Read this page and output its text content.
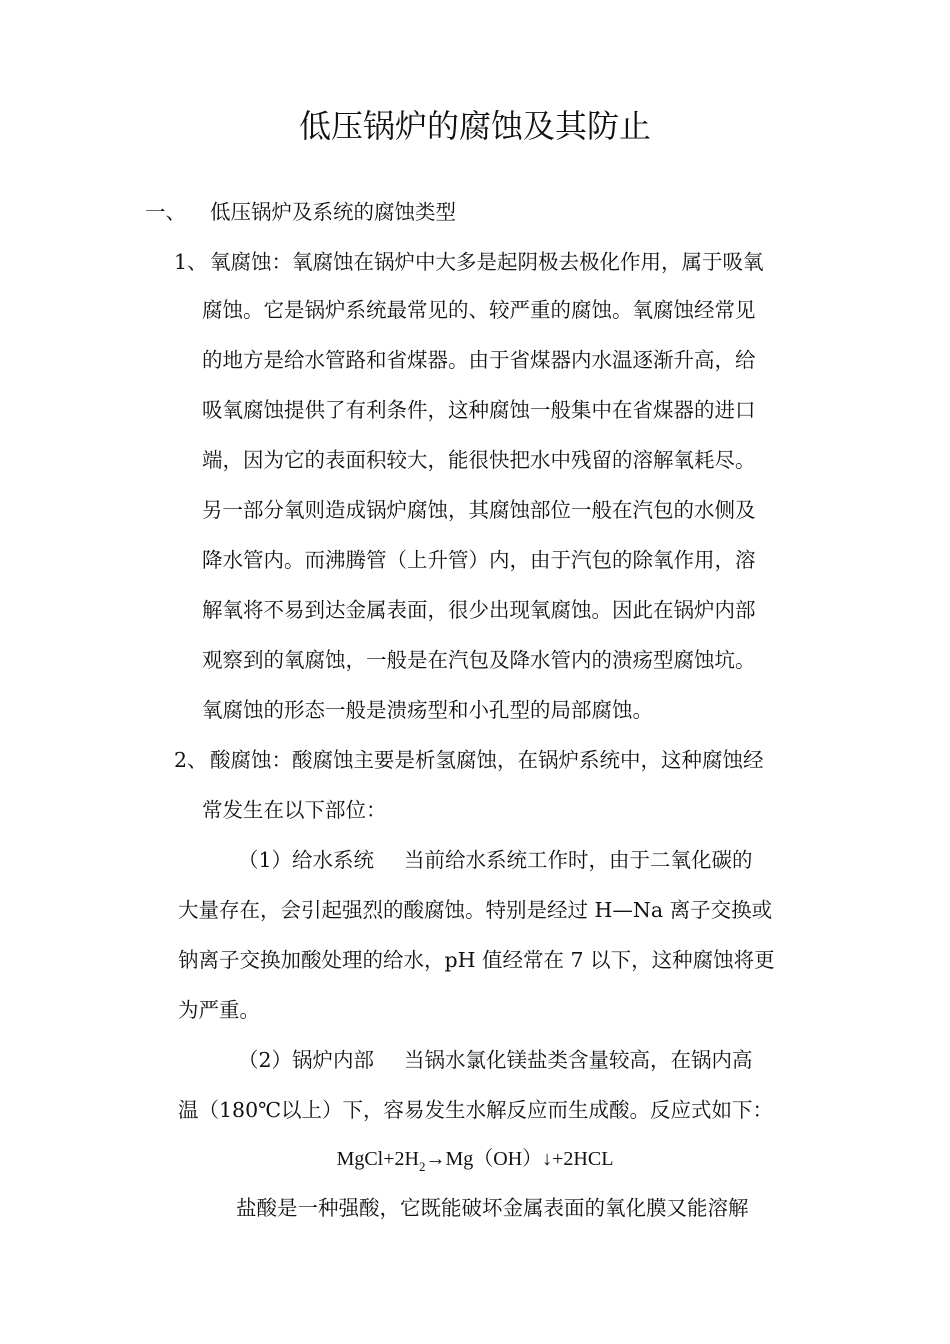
低压锅炉的腐蚀及其防止
一、 低压锅炉及系统的腐蚀类型
1、 氧腐蚀：氧腐蚀在锅炉中大多是起阴极去极化作用，属于吸氧
腐蚀。它是锅炉系统最常见的、较严重的腐蚀。氧腐蚀经常见
的地方是给水管路和省煤器。由于省煤器内水温逐渐升高，给
吸氧腐蚀提供了有利条件，这种腐蚀一般集中在省煤器的进口
端，因为它的表面积较大，能很快把水中残留的溶解氧耗尽。
另一部分氧则造成锅炉腐蚀，其腐蚀部位一般在汽包的水侧及
降水管内。而沸腾管（上升管）内，由于汽包的除氧作用，溶
解氧将不易到达金属表面，很少出现氧腐蚀。因此在锅炉内部
观察到的氧腐蚀，一般是在汽包及降水管内的溃疡型腐蚀坑。
氧腐蚀的形态一般是溃疡型和小孔型的局部腐蚀。
2、 酸腐蚀：酸腐蚀主要是析氢腐蚀，在锅炉系统中，这种腐蚀经
常发生在以下部位：
（1）给水系统 当前给水系统工作时，由于二氧化碳的
大量存在，会引起强烈的酸腐蚀。特别是经过 H—Na 离子交换或
钠离子交换加酸处理的给水，pH 值经常在 7 以下，这种腐蚀将更
为严重。
（2）锅炉内部 当锅水氯化镁盐类含量较高，在锅内高
温（180℃以上）下，容易发生水解反应而生成酸。反应式如下：
$MgCl+2H_2\to Mg(OH)↓+2HCL$
盐酸是一种强酸，它既能破坏金属表面的氧化膜又能溶解
